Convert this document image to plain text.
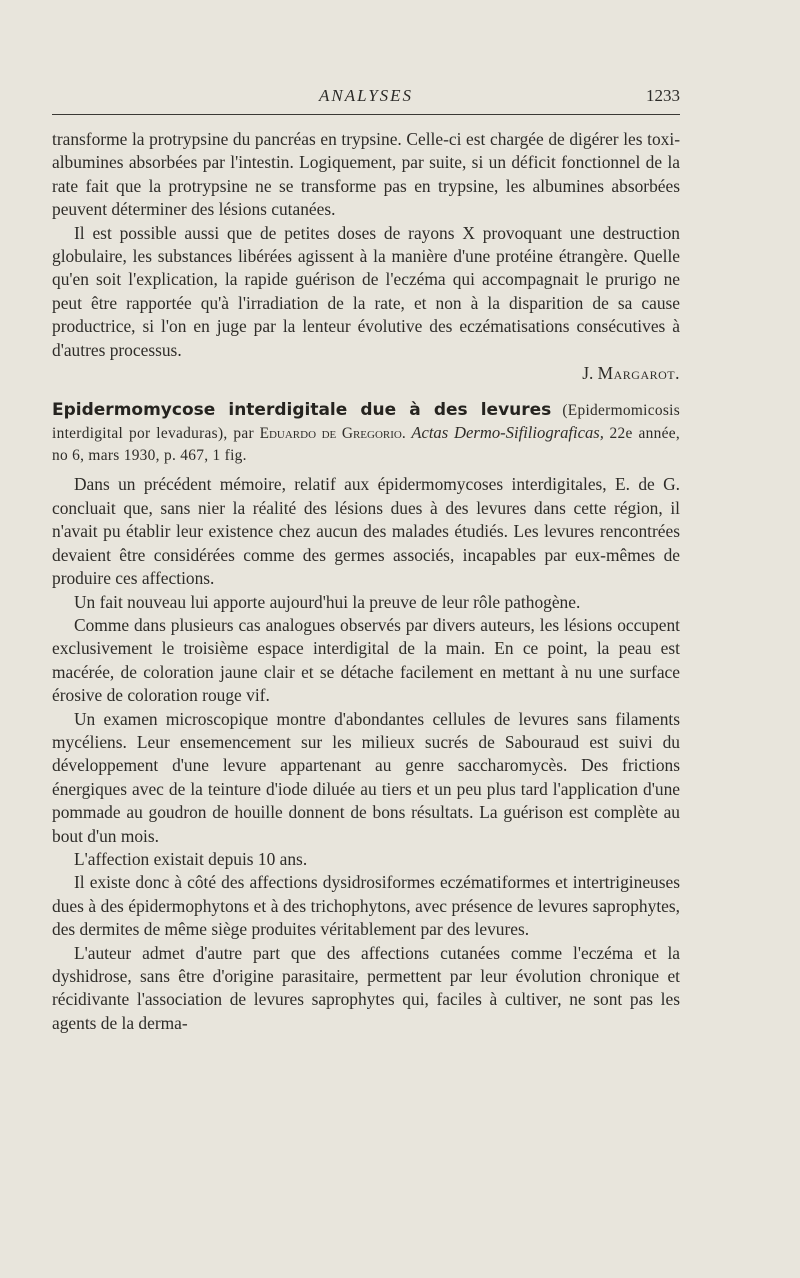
ANALYSES	1233

transforme la protrypsine du pancréas en trypsine. Celle-ci est chargée de digérer les toxi-albumines absorbées par l'intestin. Logiquement, par suite, si un déficit fonctionnel de la rate fait que la protrypsine ne se transforme pas en trypsine, les albumines absorbées peuvent déterminer des lésions cutanées.

Il est possible aussi que de petites doses de rayons X provoquant une destruction globulaire, les substances libérées agissent à la manière d'une protéine étrangère. Quelle qu'en soit l'explication, la rapide guérison de l'eczéma qui accompagnait le prurigo ne peut être rapportée qu'à l'irradiation de la rate, et non à la disparition de sa cause productrice, si l'on en juge par la lenteur évolutive des eczématisations consécutives à d'autres processus.
J. Margarot.

Epidermomycose interdigitale due à des levures (Epidermomicosis interdigital por levaduras), par Eduardo de Gregorio. Actas Dermo-Sifiliograficas, 22e année, no 6, mars 1930, p. 467, 1 fig.

Dans un précédent mémoire, relatif aux épidermomycoses interdigitales, E. de G. concluait que, sans nier la réalité des lésions dues à des levures dans cette région, il n'avait pu établir leur existence chez aucun des malades étudiés. Les levures rencontrées devaient être considérées comme des germes associés, incapables par eux-mêmes de produire ces affections.

Un fait nouveau lui apporte aujourd'hui la preuve de leur rôle pathogène.

Comme dans plusieurs cas analogues observés par divers auteurs, les lésions occupent exclusivement le troisième espace interdigital de la main. En ce point, la peau est macérée, de coloration jaune clair et se détache facilement en mettant à nu une surface érosive de coloration rouge vif.

Un examen microscopique montre d'abondantes cellules de levures sans filaments mycéliens. Leur ensemencement sur les milieux sucrés de Sabouraud est suivi du développement d'une levure appartenant au genre saccharomycès. Des frictions énergiques avec de la teinture d'iode diluée au tiers et un peu plus tard l'application d'une pommade au goudron de houille donnent de bons résultats. La guérison est complète au bout d'un mois.

L'affection existait depuis 10 ans.

Il existe donc à côté des affections dysidrosiformes eczématiformes et intertrigineuses dues à des épidermophytons et à des trichophytons, avec présence de levures saprophytes, des dermites de même siège produites véritablement par des levures.

L'auteur admet d'autre part que des affections cutanées comme l'eczéma et la dyshidrose, sans être d'origine parasitaire, permettent par leur évolution chronique et récidivante l'association de levures saprophytes qui, faciles à cultiver, ne sont pas les agents de la derma-
